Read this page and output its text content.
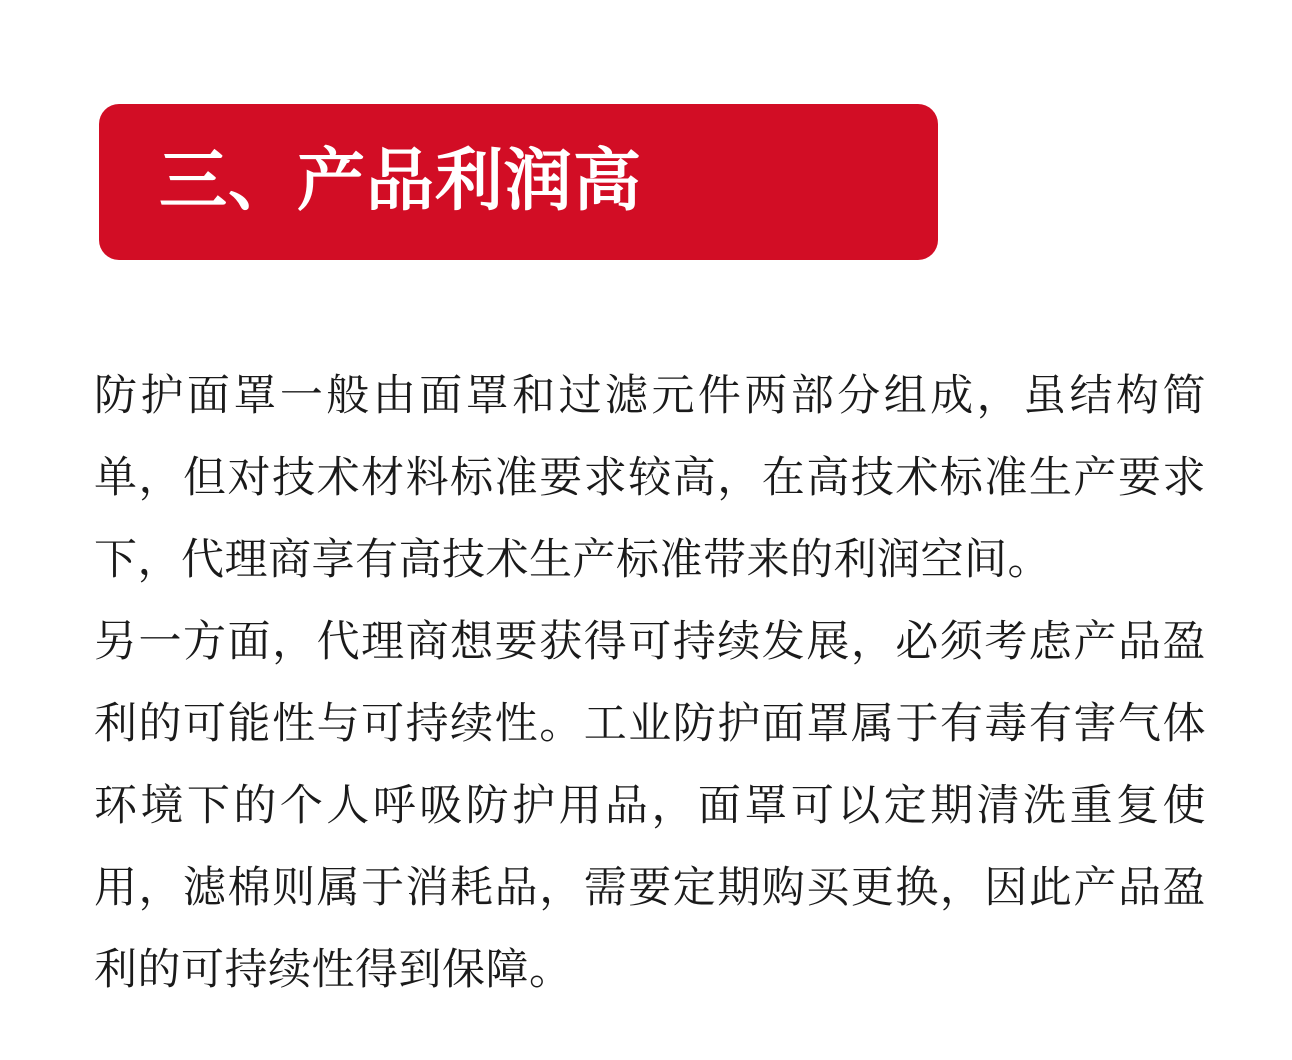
三、产品利润高

防护面罩一般由面罩和过滤元件两部分组成，虽结构简单，但对技术材料标准要求较高，在高技术标准生产要求下，代理商享有高技术生产标准带来的利润空间。

另一方面，代理商想要获得可持续发展，必须考虑产品盈利的可能性与可持续性。工业防护面罩属于有毒有害气体环境下的个人呼吸防护用品，面罩可以定期清洗重复使用，滤棉则属于消耗品，需要定期购买更换，因此产品盈利的可持续性得到保障。
